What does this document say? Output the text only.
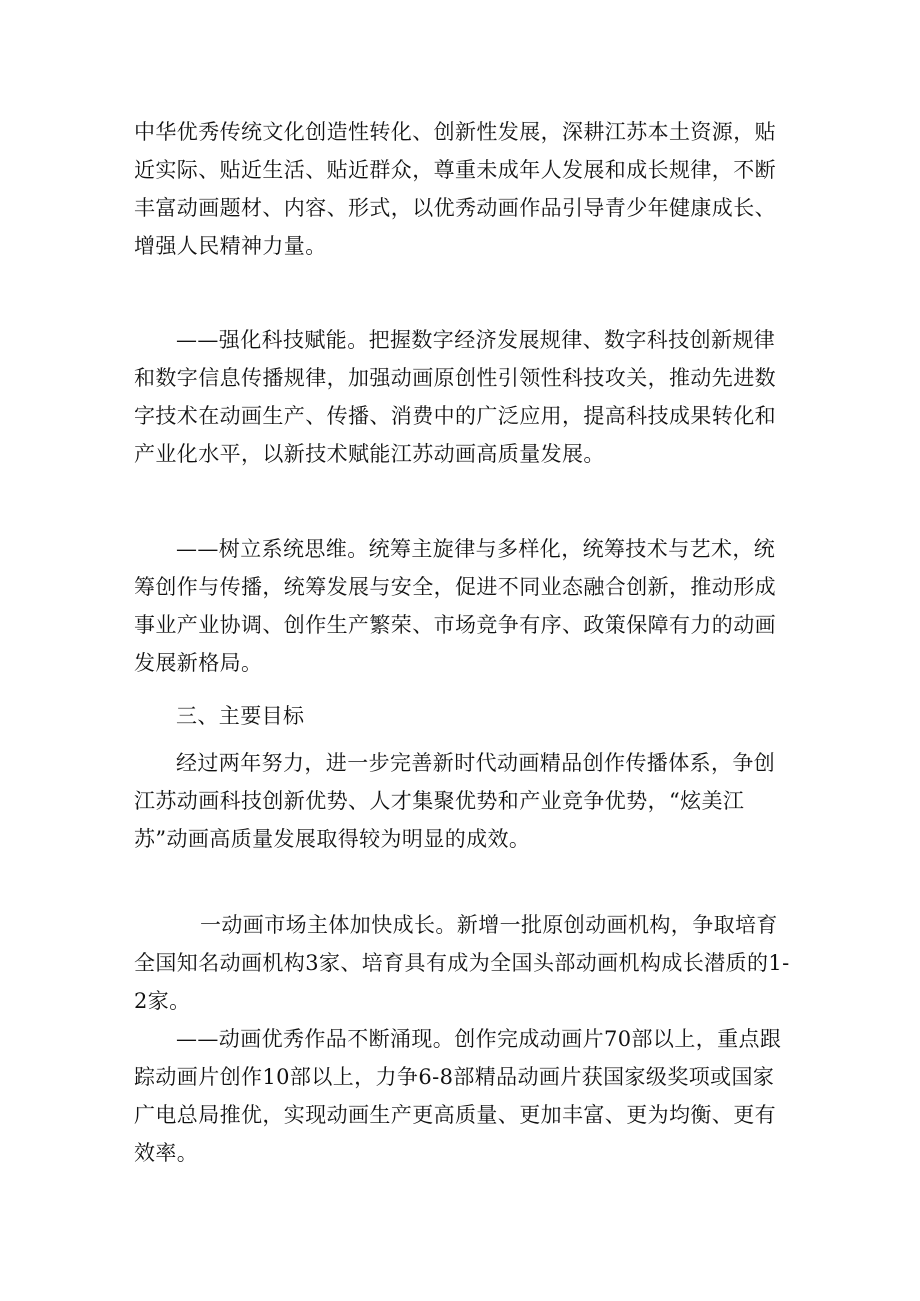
中华优秀传统文化创造性转化、创新性发展，深耕江苏本土资源，贴近实际、贴近生活、贴近群众，尊重未成年人发展和成长规律，不断丰富动画题材、内容、形式，以优秀动画作品引导青少年健康成长、增强人民精神力量。

——强化科技赋能。把握数字经济发展规律、数字科技创新规律和数字信息传播规律，加强动画原创性引领性科技攻关，推动先进数字技术在动画生产、传播、消费中的广泛应用，提高科技成果转化和产业化水平，以新技术赋能江苏动画高质量发展。

——树立系统思维。统筹主旋律与多样化，统筹技术与艺术，统筹创作与传播，统筹发展与安全，促进不同业态融合创新，推动形成事业产业协调、创作生产繁荣、市场竞争有序、政策保障有力的动画发展新格局。

三、主要目标

经过两年努力，进一步完善新时代动画精品创作传播体系，争创江苏动画科技创新优势、人才集聚优势和产业竞争优势，“炫美江苏”动画高质量发展取得较为明显的成效。

一动画市场主体加快成长。新增一批原创动画机构，争取培育全国知名动画机构3家、培育具有成为全国头部动画机构成长潜质的1-2家。

——动画优秀作品不断涌现。创作完成动画片70部以上，重点跟踪动画片创作10部以上，力争6-8部精品动画片获国家级奖项或国家广电总局推优，实现动画生产更高质量、更加丰富、更为均衡、更有效率。
